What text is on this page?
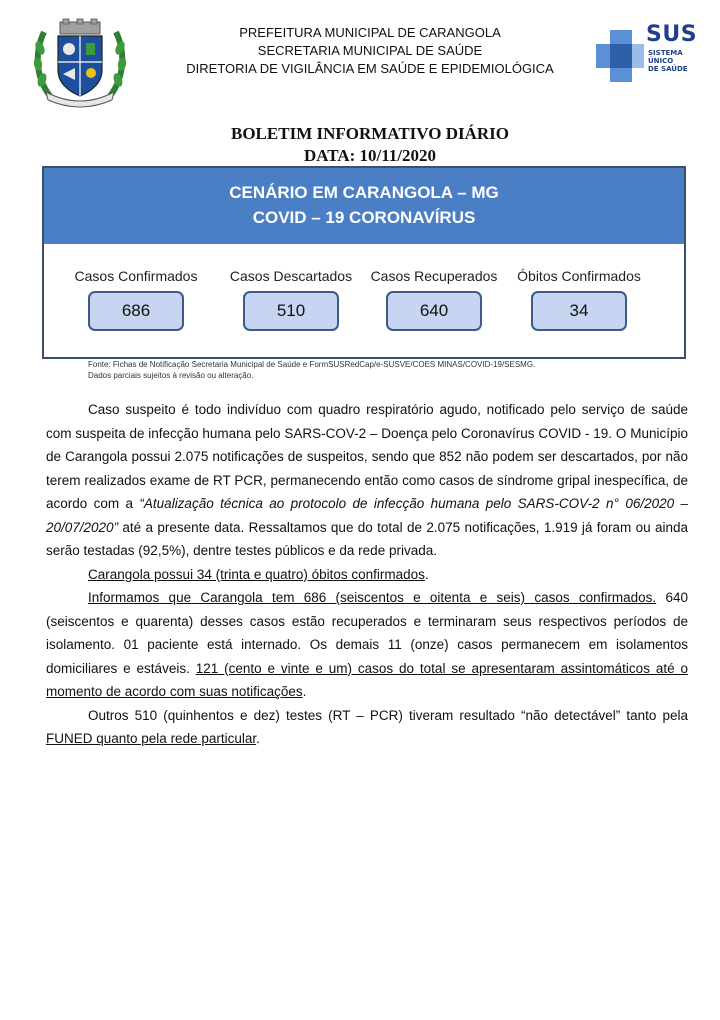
PREFEITURA MUNICIPAL DE CARANGOLA
SECRETARIA MUNICIPAL DE SAÚDE
DIRETORIA DE VIGILÂNCIA EM SAÚDE E EPIDEMIOLÓGICA
SUS
SISTEMA
ÚNICO
DE SAÚDE
BOLETIM INFORMATIVO DIÁRIO
DATA: 10/11/2020
CENÁRIO EM CARANGOLA – MG
COVID – 19 CORONAVÍRUS
Casos Confirmados
686
Casos Descartados
510
Casos Recuperados
640
Óbitos Confirmados
34
Fonte: Fichas de Notificação Secretaria Municipal de Saúde e FormSUSRedCap/e-SUSVE/COES MINAS/COVID-19/SESMG.
Dados parciais sujeitos à revisão ou alteração.

Caso suspeito é todo indivíduo com quadro respiratório agudo, notificado pelo serviço de saúde com suspeita de infecção humana pelo SARS-COV-2 – Doença pelo Coronavírus COVID - 19. O Município de Carangola possui 2.075 notificações de suspeitos, sendo que 852 não podem ser descartados, por não terem realizados exame de RT PCR, permanecendo então como casos de síndrome gripal inespecífica, de acordo com a “Atualização técnica ao protocolo de infecção humana pelo SARS-COV-2 n° 06/2020 – 20/07/2020” até a presente data. Ressaltamos que do total de 2.075 notificações, 1.919 já foram ou ainda serão testadas (92,5%), dentre testes públicos e da rede privada.

Carangola possui 34 (trinta e quatro) óbitos confirmados.

Informamos que Carangola tem 686 (seiscentos e oitenta e seis) casos confirmados. 640 (seiscentos e quarenta) desses casos estão recuperados e terminaram seus respectivos períodos de isolamento. 01 paciente está internado. Os demais 11 (onze) casos permanecem em isolamentos domiciliares e estáveis. 121 (cento e vinte e um) casos do total se apresentaram assintomáticos até o momento de acordo com suas notificações.

Outros 510 (quinhentos e dez) testes (RT – PCR) tiveram resultado “não detectável” tanto pela FUNED quanto pela rede particular.
